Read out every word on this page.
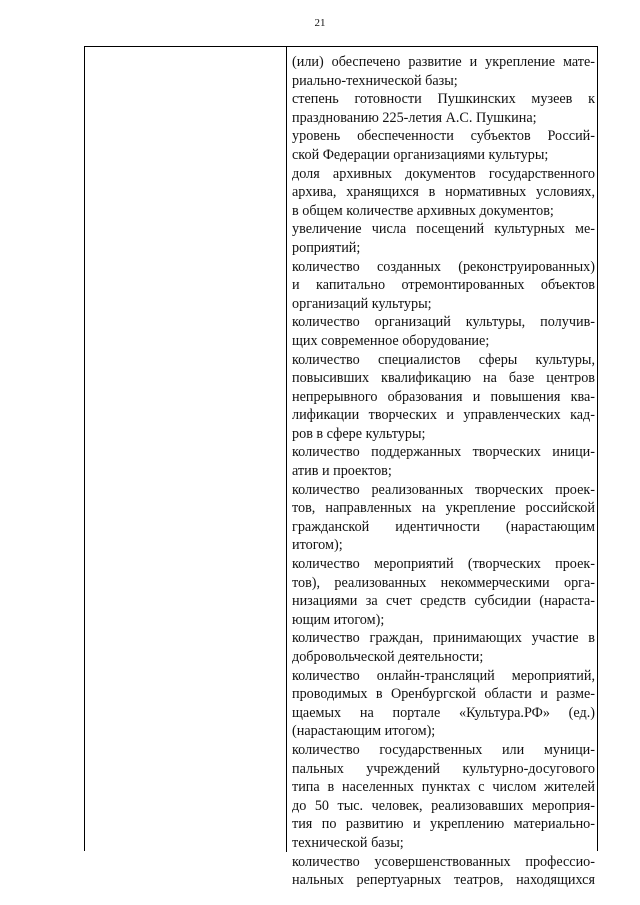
21
(или) обеспечено развитие и укрепление мате-
риально-технической базы;
степень готовности Пушкинских музеев к
празднованию 225-летия А.С. Пушкина;
уровень обеспеченности субъектов Россий-
ской Федерации организациями культуры;
доля архивных документов государственного
архива, хранящихся в нормативных условиях,
в общем количестве архивных документов;
увеличение числа посещений культурных ме-
роприятий;
количество созданных (реконструированных)
и капитально отремонтированных объектов
организаций культуры;
количество организаций культуры, получив-
щих современное оборудование;
количество специалистов сферы культуры,
повысивших квалификацию на базе центров
непрерывного образования и повышения ква-
лификации творческих и управленческих кад-
ров в сфере культуры;
количество поддержанных творческих иници-
атив и проектов;
количество реализованных творческих проек-
тов, направленных на укрепление российской
гражданской идентичности (нарастающим
итогом);
количество мероприятий (творческих проек-
тов), реализованных некоммерческими орга-
низациями за счет средств субсидии (нараста-
ющим итогом);
количество граждан, принимающих участие в
добровольческой деятельности;
количество онлайн-трансляций мероприятий,
проводимых в Оренбургской области и разме-
щаемых на портале «Культура.РФ» (ед.)
(нарастающим итогом);
количество государственных или муници-
пальных учреждений культурно-досугового
типа в населенных пунктах с числом жителей
до 50 тыс. человек, реализовавших мероприя-
тия по развитию и укреплению материально-
технической базы;
количество усовершенствованных профессио-
нальных репертуарных театров, находящихся
